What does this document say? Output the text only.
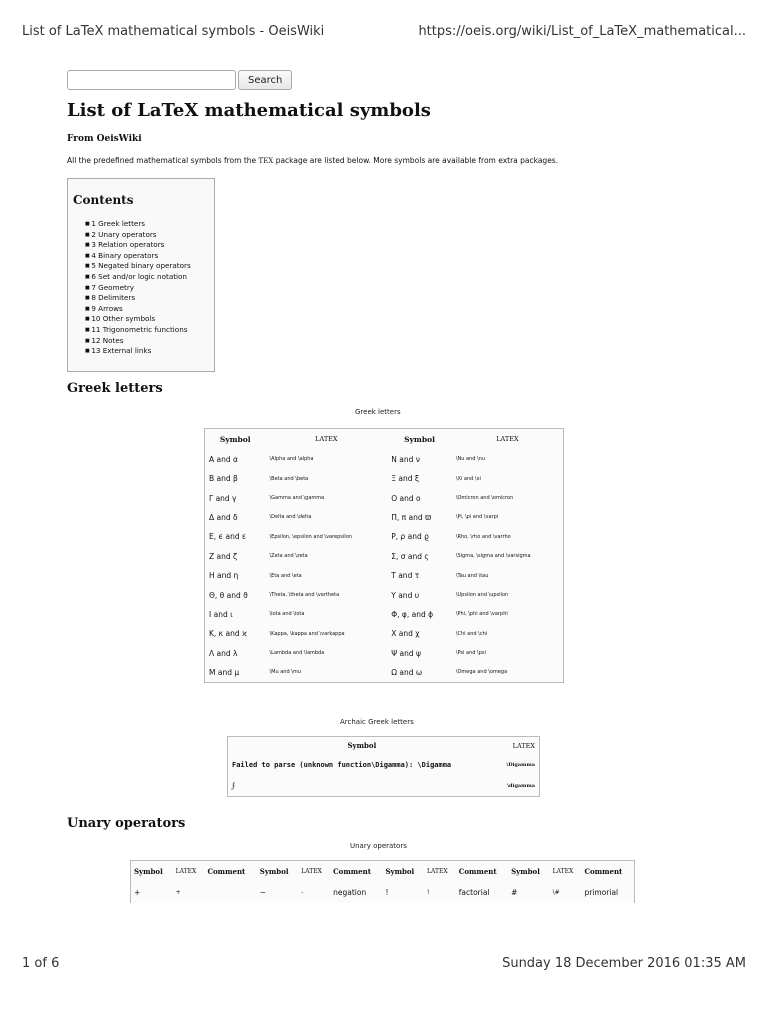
List of LaTeX mathematical symbols - OeisWiki	https://oeis.org/wiki/List_of_LaTeX_mathematical...
Search
List of LaTeX mathematical symbols
From OeisWiki
All the predefined mathematical symbols from the TEX package are listed below. More symbols are available from extra packages.
Contents
■ 1 Greek letters
■ 2 Unary operators
■ 3 Relation operators
■ 4 Binary operators
■ 5 Negated binary operators
■ 6 Set and/or logic notation
■ 7 Geometry
■ 8 Delimiters
■ 9 Arrows
■ 10 Other symbols
■ 11 Trigonometric functions
■ 12 Notes
■ 13 External links
Greek letters
Greek letters
Symbol	LATEX	Symbol	LATEX
Α and α	\Alpha and \alpha	Ν and ν	\Nu and \nu
Β and β	\Beta and \beta	Ξ and ξ	\Xi and \xi
Γ and γ	\Gamma and \gamma	Ο and ο	\Omicron and \omicron
Δ and δ	\Delta and \delta	Π, π and ϖ	\Pi, \pi and \varpi
Ε, ϵ and ε	\Epsilon, \epsilon and \varepsilon	Ρ, ρ and ϱ	\Rho, \rho and \varrho
Ζ and ζ	\Zeta and \zeta	Σ, σ and ς	\Sigma, \sigma and \varsigma
Η and η	\Eta and \eta	Τ and τ	\Tau and \tau
Θ, θ and ϑ	\Theta, \theta and \vartheta	Υ and υ	\Upsilon and \upsilon
Ι and ι	\Iota and \iota	Φ, φ, and ϕ	\Phi, \phi and \varphi
Κ, κ and ϰ	\Kappa, \kappa and \varkappa	Χ and χ	\Chi and \chi
Λ and λ	\Lambda and \lambda	Ψ and ψ	\Psi and \psi
Μ and μ	\Mu and \mu	Ω and ω	\Omega and \omega
Archaic Greek letters
Symbol	LATEX
Failed to parse (unknown function\Digamma): \Digamma	\Digamma
ϝ	\digamma
Unary operators
Unary operators
Symbol	LATEX	Comment	Symbol	LATEX	Comment	Symbol	LATEX	Comment	Symbol	LATEX	Comment
+	+		−	-	negation	!	!	factorial	#	\#	primorial
1 of 6	Sunday 18 December 2016 01:35 AM
